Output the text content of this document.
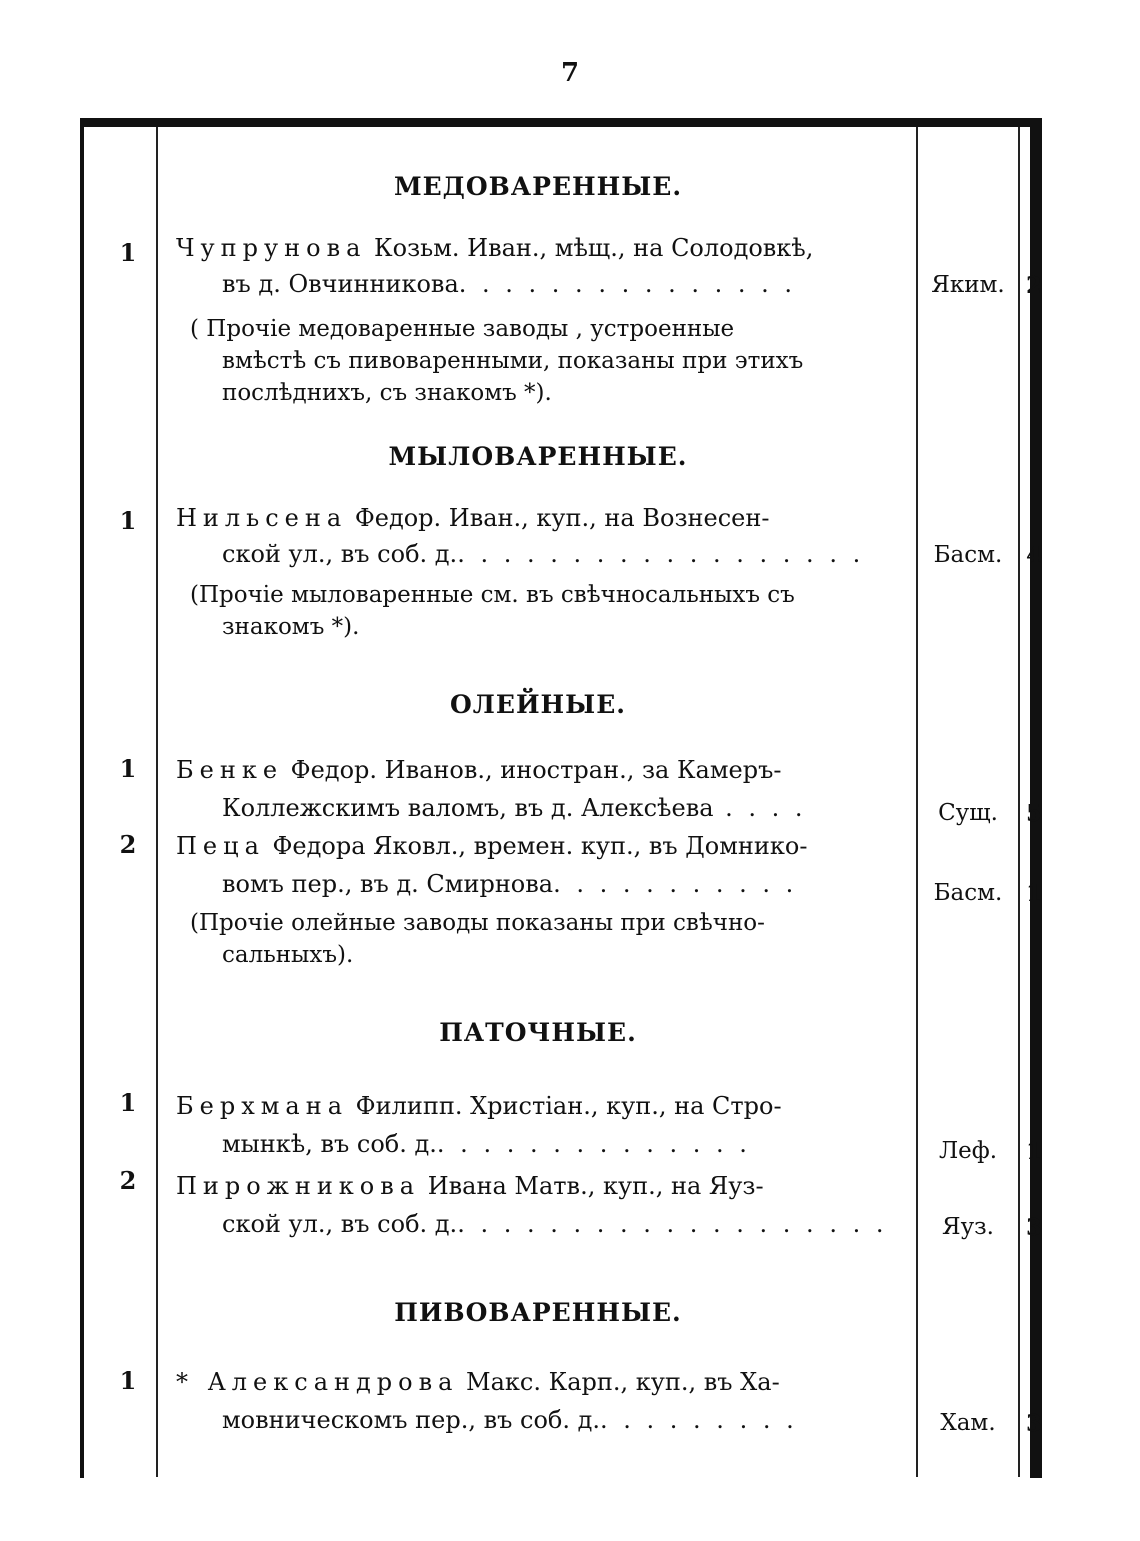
7
МЕДОВАРЕННЫЕ.
1	Чупрунова Козьм. Иван., мѣщ., на Солодовкѣ,
въ д. Овчинникова. . . . . . . . . . . . . . .	Яким. 2
( Прочіе медоваренные заводы , устроенные
вмѣстѣ съ пивоваренными, показаны при этихъ
послѣднихъ, съ знакомъ *).
МЫЛОВАРЕННЫЕ.
1	Нильсена Федор. Иван., куп., на Вознесен-
ской ул., въ соб. д.. . . . . . . . . . . . . . . . . .	Басм.	4
(Прочіе мыловаренные см. въ свѣчносальныхъ съ
знакомъ *).
ОЛЕЙНЫЕ.
1	Бенке Федор. Иванов., иностран., за Камеръ-
Коллежскимъ валомъ, въ д. Алексѣева . . . .	Сущ.	5
2	Пеца Федора Яковл., времен. куп., въ Домнико-
вомъ пер., въ д. Смирнова. . . . . . . . . . .	Басм.	1
(Прочіе олейные заводы показаны при свѣчно-
сальныхъ).
ПАТОЧНЫЕ.
1	Берхмана Филипп. Христіан., куп., на Стро-
мынкѣ, въ соб. д.. . . . . . . . . . . . . .	Леф.	1
2	Пирожникова Ивана Матв., куп., на Яуз-
ской ул., въ соб. д.. . . . . . . . . . . . . . . . . . .	Яуз.	3
ПИВОВАРЕННЫЕ.
1	* Александрова Макс. Карп., куп., въ Ха-
мовническомъ пер., въ соб. д.. . . . . . . . .	Хам.	3
